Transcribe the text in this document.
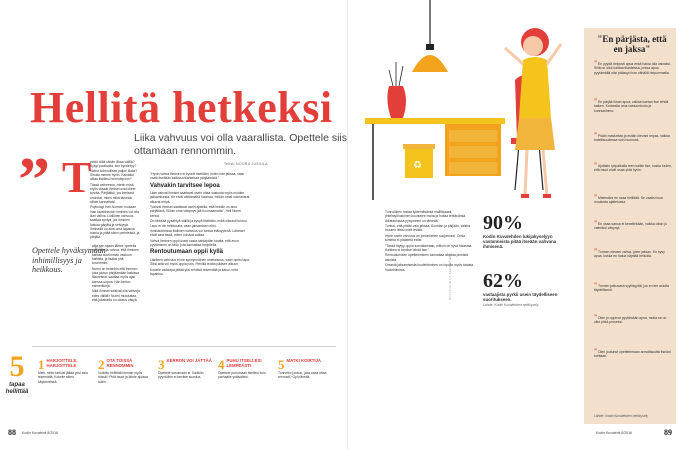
Hellitä hetkeksi
Liika vahvuus voi olla vaarallista. Opettele siis ottamaan rennommin.
Teksti NOORA JUSSILA
” T

eetkö töitä vähän liikaa välillä? Kysyt puolisolta, kun kyrsiintyy? Valvot kohtuullisen paljon illalla? Sinulla menee hyvin. Kaivatko aikaa itsellesi hermolepoon?

Tässä vaiheessa, mietin minä, myös viisaat ihmiset ovat olleet kovilla. Pärjäätkö, jos ihmisinä unohdat, miten mikä tärkeää silloin kannattaisi.

Psykologi Heli Nurmen mukaan ihan tavallinenkin ihminen voi olla liian vahva. Liiallinen vahvuus saattaa syntyä, jos ihminen haluaa pärjätä ja selviytyä. Ihmisellä on aina oma tapansa toimia ja pitää kiinni perinteistä, ja pärjätä.

Opettele hyväksymään inhimillisyys ja heikkous.

aika sen sijaan lähtee opetella vaikealta ja valvoa, että ihminen kantaa suurimman vastuun kaikista, ja lisäksi yhä kovemmin.

Nurmi on tietenkin että ihminen joka joutuu pärjäämään kaikissa tilanteissa, saattaa myös ajan kanssa uupua. Hän kertoo esimerkkejä.

Mitä ihmiset saisivat olla vahvoja edes välillä? Nurmi muistuttaa, että jokaisella on oikeus väsyä.

"Hyvin vahva ihminen ei kysele itseltään, miten hän jaksaa, vaan vaatii itseltään kaikissa tilanteissa pärjäämistä."

Vahvakin tarvitsee lepoa

Liian vahvat ihmiset saattavat usein ottaa vastuuta myös muiden jaksamisesta. He eivät välttämättä huomaa, milloin omat voimavarat alkavat ehtyä.

"Vahvat ihmiset saattavat usein ajatella, että heidän on aina pärjättävä. Silloin oma väsymys jää huomaamatta", Heli Nurmi kertoo.

On tärkeää pysähtyä välillä ja kysyä itseltään, miltä oikeasti tuntuu. Lepo ei ole heikkoutta, vaan jaksamisen ehto.

Ihmissuhteissa liiallinen vahvuus voi tuntua etäisyytenä. Läheiset eivät aina tiedä, miten voisivat auttaa.

Vahva ihminen oppii usein vasta kantapään kautta, että avun pyytäminen on taito, jota kannattaa harjoitella.

Rentoutumaan oppii kyllä

Liiallinen vahvuus ei ole synnynnäinen ominaisuus, vaan opittu tapa. Siksi siitä voi myös oppia pois. Pienillä teoilla pääsee alkuun.

Kokeile vaikkapa jättää yksi tehtävä tekemättä ja katso, mitä tapahtuu.

5
tapaa hellittää
1 HARJOITTELE, HARJOITTELE
Mieti, miltä tuntuisi jättää yksi asia tekemättä. Kokeile sitten käytännössä.
2 OTA TÖISSÄ RENNOMMIN
Voisitko hellittää hieman myös töissä? Pidä tauot ja lähde ajoissa kotiin.
3 KERRON VOI JÄTTÄÄ
Opettele sanomaan ei. Kaikkiin pyyntöihin ei tarvitse suostua.
4 PUHU ITSELLESI LEMPEÄSTI
Opettele puhumaan itsellesi kuin parhaalle ystävällesi.
5 MATKI KOIRTIJA
Tunnetko jonkun, joka osaa ottaa rennosti? Opi häneltä.
88 Kodin Kuvalehti 8/2016
♻

Tunnollinen hoitaa työtehtävänsä mallikkaasti, yhteistyöhaluinen kuuntelee muita ja hoitaa tehtävänsä. Aikatauluissa pysyminen on tärkeää.

Tuntuu, että pitäisi vain jaksaa. Suoritan ja pärjään, vaikka muuten tekisi mieli levätä.

Hyvin usein vahvuus on jonkinlainen suojamuuri. Omia tunteita ei päästetä esille.

"Tässä täytyy oppia tunnistamaan, milloin on hyvä hidastaa. Kaikkea ei tarvitse tehdä itse."

Rentoutumisen opetteleminen kannattaa aloittaa pienistä asioista.

Omasta jaksamisesta huolehtiminen on lopulta myös toisista huolehtimista.	KUVITUS ELLA SEESSINEN
90%
Kodin Kuvalehden lukijakyselyyn vastanneista pitää itseään vahvana ihmisenä.
62%
vastaajista pyrkii usein täydelliseen suoritukseen.
Lähde: Kodin Kuvalehden nettikysely
"En pärjästa, että en jaksa"
”En pyydä helposti apua enkä halua olla vaivaksi. Siitä on ollut haittaa tilanteissa, joissa apua pyytämällä olisi päässyt ihan vähällä helpommalla.
”En pärjää ilman apua, vaikka koetan itse tehdä kaiken. Korkealla oma vastuuntunto ja kunnianhimo.
”Pidän maskeista ja esitän olevani reipas, vaikka todellisuudessa voin huonosti.
”Ajoittain työpaikalla teen kaikki itse, koska luulen, että muut eivät osaa yhtä hyvin.
”Mielestäni en osaa hellittää. Se vaatisi isoa muutosta ajattelussa.
”En osaa sanoa ei kenellekään, vaikka olisin jo valmiiksi väsynyt.
”Tunnen olevani vahva, joten jaksan. En kysy apua, koska en halua näyttää heikolta.
”Tunnen jatkuvasti syyllisyyttä, jos en tee asioita täydellisesti.
”Olen jo oppinut pyytämään apua, mutta se on ollut pitkä prosessi.
”Olen joutunut opettelemaan armollisuutta itseäni kohtaan.
Lähde: Kodin Kuvalehden nettikysely
Kodin Kuvalehti 8/2016	89
